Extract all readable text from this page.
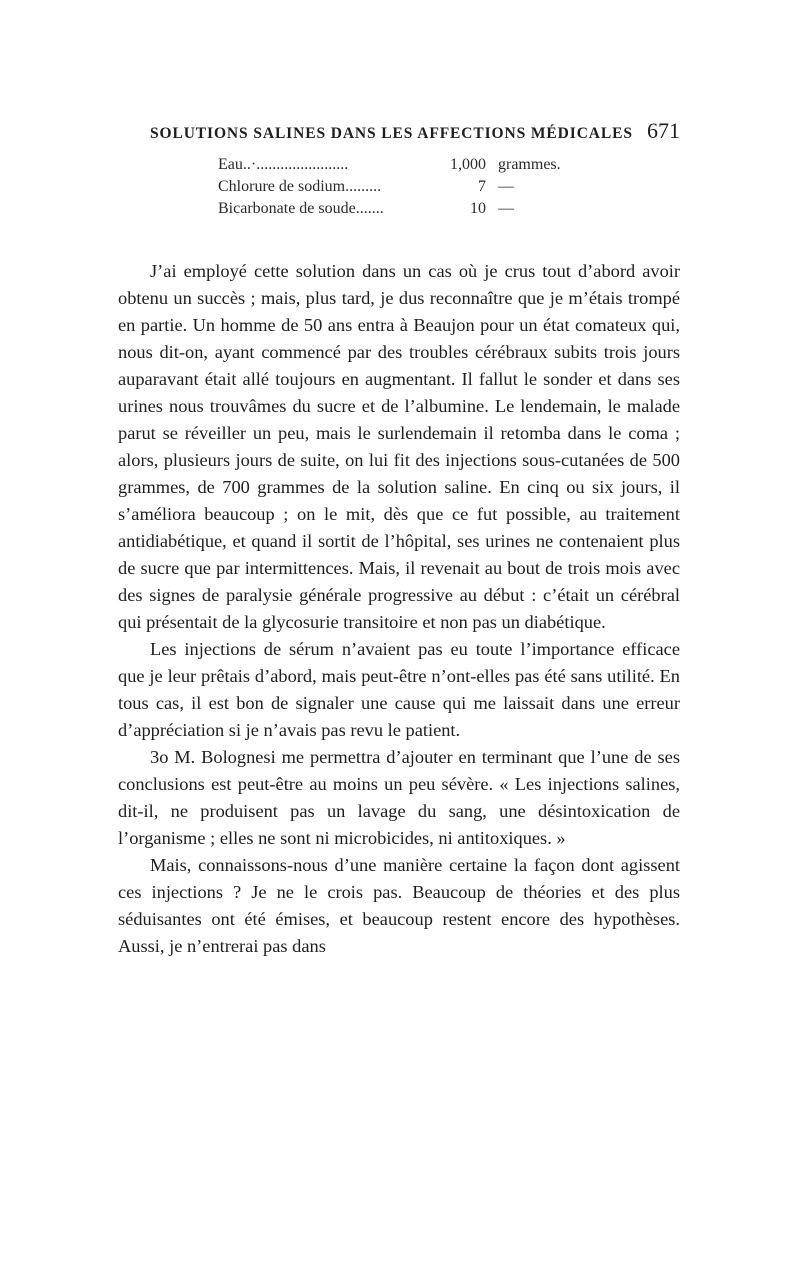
SOLUTIONS SALINES DANS LES AFFECTIONS MÉDICALES 671
Eau..·.......................	1,000 grammes.
Chlorure de sodium.........	7 —
Bicarbonate de soude.......	10 —

J’ai employé cette solution dans un cas où je crus tout d’abord avoir obtenu un succès ; mais, plus tard, je dus reconnaître que je m’étais trompé en partie. Un homme de 50 ans entra à Beaujon pour un état comateux qui, nous dit-on, ayant commencé par des troubles cérébraux subits trois jours auparavant était allé toujours en augmentant. Il fallut le sonder et dans ses urines nous trouvâmes du sucre et de l’albumine. Le lendemain, le malade parut se réveiller un peu, mais le surlendemain il retomba dans le coma ; alors, plusieurs jours de suite, on lui fit des injections sous-cutanées de 500 grammes, de 700 grammes de la solution saline. En cinq ou six jours, il s’améliora beaucoup ; on le mit, dès que ce fut possible, au traitement antidiabétique, et quand il sortit de l’hôpital, ses urines ne contenaient plus de sucre que par intermittences. Mais, il revenait au bout de trois mois avec des signes de paralysie générale progressive au début : c’était un cérébral qui présentait de la glycosurie transitoire et non pas un diabétique.

Les injections de sérum n’avaient pas eu toute l’importance efficace que je leur prêtais d’abord, mais peut-être n’ont-elles pas été sans utilité. En tous cas, il est bon de signaler une cause qui me laissait dans une erreur d’appréciation si je n’avais pas revu le patient.

3o M. Bolognesi me permettra d’ajouter en terminant que l’une de ses conclusions est peut-être au moins un peu sévère. « Les injections salines, dit-il, ne produisent pas un lavage du sang, une désintoxication de l’organisme ; elles ne sont ni microbicides, ni antitoxiques. »

Mais, connaissons-nous d’une manière certaine la façon dont agissent ces injections ? Je ne le crois pas. Beaucoup de théories et des plus séduisantes ont été émises, et beaucoup restent encore des hypothèses. Aussi, je n’entrerai pas dans
